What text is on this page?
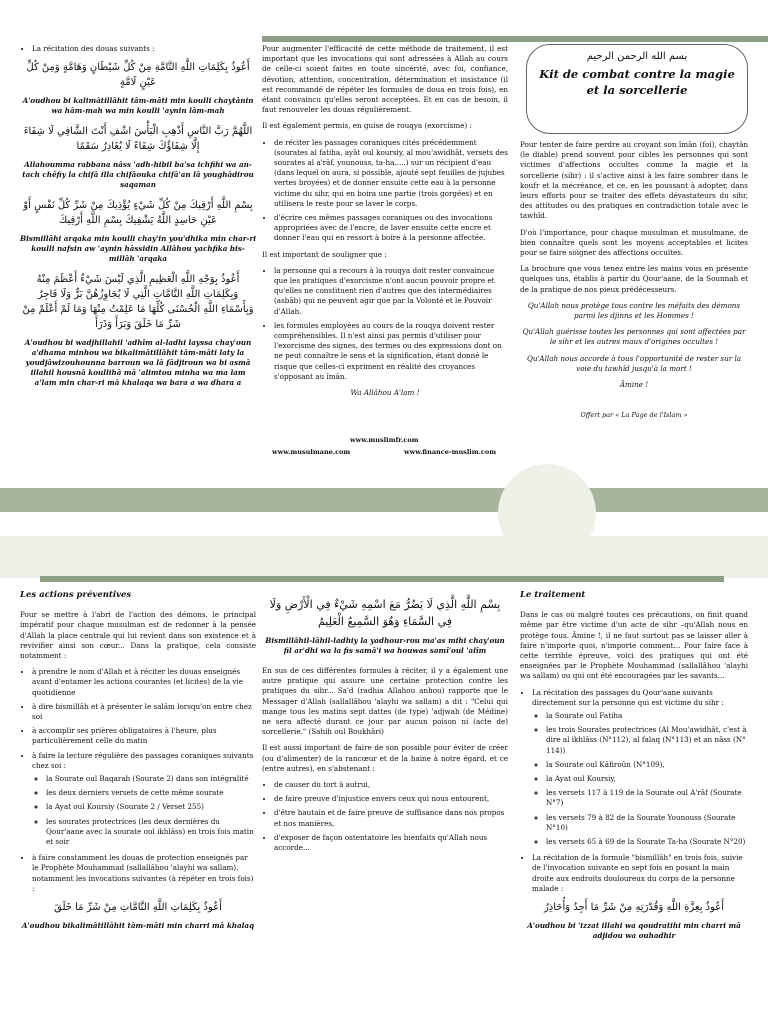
• La récitation des douas suivants :
أَعُوذُ بِكَلِمَاتِ اللَّهِ التَّامَّةِ مِنْ كُلِّ شَيْطَانٍ وَهَامَّةٍ وَمِنْ كُلِّ عَيْنٍ لَامَّةٍ
A'oudhou bi kalimâtillâhit tâm-mâti min koulli chaytânin wa hâm-mah wa min koulli 'aynin lâm-mah
اللَّهُمَّ رَبَّ النَّاسِ أَذْهِبِ الْبَأْسَ اشْفِ أَنْتَ الشَّافِي لَا شِفَاءَ إِلَّا شِفَاؤُكَ شِفَاءً لَا يُغَادِرُ سَقَمًا
Allahoumma rabbana nâss 'adh-hibil ba'sa ichfihi wa an-tach chêfiy la chifâ illa chifâouka chifâ'an lâ youghâdirou saqaman
بِسْمِ اللَّهِ أَرْقِيكَ مِنْ كُلِّ شَيْءٍ يُؤْذِيكَ مِنْ شَرِّ كُلِّ نَفْسٍ أَوْ عَيْنِ حَاسِدٍ اللَّهُ يَشْفِيكَ بِسْمِ اللَّهِ أَرْقِيكَ
Bismillâhi arqaka min koulli chay'in you'dhika min char-ri koulli nafsin aw 'aynin hâssidin Allâhou yachfika bis-millâh 'arqaka
أَعُوذُ بِوَجْهِ اللَّهِ الْعَظِيمِ الَّذِي لَيْسَ شَيْءٌ أَعْظَمَ مِنْهُ وَبِكَلِمَاتِ اللَّهِ التَّامَّاتِ الَّتِي لَا يُجَاوِزُهُنَّ بَرٌّ وَلَا فَاجِرٌ وَبِأَسْمَاءِ اللَّهِ الْحُسْنَى كُلِّهَا مَا عَلِمْتُ مِنْهَا وَمَا لَمْ أَعْلَمْ مِنْ شَرِّ مَا خَلَقَ وَبَرَأَ وَذَرَأَ
A'oudhou bi wadjhillahil 'adhîm al-ladhi layssa chay'oun a'dhama minhou wa bikalimâtillâhit tâm-mâti laty la youdjâwizouhounna barroun wa lâ fâdjiroun wa bi asmâ illahil housnâ koullihâ mâ 'alimtou minha wa ma lam a'lam min char-ri mâ khalaqa wa bara a wa dhara a

Pour augmenter l'efficacité de cette méthode de traitement, il est important que les invocations qui sont adressées à Allah au cours de celle-ci soient faites en toute sincérité, avec foi, confiance, dévotion, attention, concentration, détermination et insistance (il est recommandé de répéter les formules de doua en trois fois), en étant convaincu qu'elles seront acceptées. Et en cas de besoin, il faut renouveler les douas régulièrement.

Il est également permis, en guise de rouqya (exorcisme) :

• de réciter les passages coraniques cités précédemment (sourates al fatiha, ayât oul koursiy, al mou'awidhât, versets des sourates al a'râf, younouss, ta-ha,....) sur un récipient d'eau (dans lequel on aura, si possible, ajouté sept feuilles de jujubes vertes broyées) et de donner ensuite cette eau à la personne victime du sihr, qui en boira une partie (trois gorgées) et en utilisera le reste pour se laver le corps.
• d'écrire ces mêmes passages coraniques ou des invocations appropriées avec de l'encre, de laver ensuite cette encre et donner l'eau qui en ressort à boire à la personne affectée.

Il est important de souligner que :

• la personne qui a recours à la rouqya doit rester convaincue que les pratiques d'exorcisme n'ont aucun pouvoir propre et qu'elles ne constituent rien d'autres que des intermédiaires (asbâb) qui ne peuvent agir que par la Volonté et le Pouvoir d'Allah.
• les formules employées au cours de la rouqya doivent rester compréhensibles. Il n'est ainsi pas permis d'utiliser pour l'exorcisme des signes, des termes ou des expressions dont on ne peut connaître le sens et la signification, étant donné le risque que celles-ci expriment en réalité des croyances s'opposant au îmân.

Wa Allâhou A'lam !

www.muslimfr.com
www.musulmane.com	www.finance-muslim.com
بسم الله الرحمن الرحيم
Kit de combat contre la magie et la sorcellerie

Pour tenter de faire perdre au croyant son îmân (foi), chaytân (le diable) prend souvent pour cibles les personnes qui sont victimes d'affections occultes comme la magie et la sorcellerie (sihr) : il s'active ainsi à les faire sombrer dans le koufr et la mécréance, et ce, en les poussant à adopter, dans leurs efforts pour se traiter des effets dévastateurs du sihr, des attitudes ou des pratiques en contradiction totale avec le tawhîd.

D'où l'importance, pour chaque musulman et musulmane, de bien connaître quels sont les moyens acceptables et licites pour se faire soigner des affections occultes.

La brochure que vous tenez entre les mains vous en présente quelques uns, établis à partir du Qour'aane, de la Sounnah et de la pratique de nos pieux prédécesseurs.

Qu'Allah nous protège tous contre les méfaits des démons parmi les djinns et les Hommes !

Qu'Allah guérisse toutes les personnes qui sont affectées par le sihr et les autres maux d'origines occultes !

Qu'Allah nous accorde à tous l'opportunité de rester sur la voie du tawhîd jusqu'à la mort !

Âmine !

Offert par « La Page de l'Islam »

Les actions préventives

Pour se mettre à l'abri de l'action des démons, le principal impératif pour chaque musulman est de redonner à la pensée d'Allah la place centrale qui lui revient dans son existence et à revivifier ainsi son cœur... Dans la pratique, cela consiste notamment :

• à prendre le nom d'Allah et à réciter les douas enseignés avant d'entamer les actions courantes (et licites) de la vie quotidienne
• à dire bismillâh et à présenter le salâm lorsqu'on entre chez soi
• à accomplir ses prières obligatoires à l'heure, plus particulièrement celle du matin
• à faire la lecture régulière des passages coraniques suivants chez soi :
◦ la Sourate oul Baqarah (Sourate 2) dans son intégralité
◦ les deux derniers versets de cette même sourate
◦ la Ayat oul Koursiy (Sourate 2 / Verset 255)
◦ les sourates protectrices (les deux dernières du Qour'aane avec la sourate oul ikhlâss) en trois fois matin et soir
• à faire constamment les douas de protection enseignés par le Prophète Mouhammad (sallallâhou 'alayhi wa sallam), notamment les invocations suivantes (à répéter en trois fois) :
أَعُوذُ بِكَلِمَاتِ اللَّهِ التَّامَّاتِ مِنْ شَرِّ مَا خَلَقَ
A'oudhou bikalimâtillâhit tâm-mâti min charri mâ khalaq
بِسْمِ اللَّهِ الَّذِي لَا يَضُرُّ مَعَ اسْمِهِ شَيْءٌ فِي الْأَرْضِ وَلَا فِي السَّمَاءِ وَهُوَ السَّمِيعُ الْعَلِيمُ
Bismillâhil-lâhil-ladhiy la yadhour-rou ma'as mihi chay'oun fil ar'dhi wa la fis samâ'i wa houwas samî'oul 'alîm

En sus de ces différentes formules à réciter, il y a également une autre pratique qui assure une certaine protection contre les pratiques du sihr... Sa'd (radhia Allahou anhou) rapporte que le Messager d'Allah (sallallâhou 'alayhi wa sallam) a dit : "Celui qui mange tous les matins sept dattes (de type) 'adjwah (de Médine) ne sera affecté durant ce jour par aucun poison ni (acte de) sorcellerie." (Sahih oul Boukhâri)

Il est aussi important de faire de son possible pour éviter de créer (ou d'alimenter) de la rancœur et de la haine à notre égard, et ce (entre autres), en s'abstenant :

• de causer du tort à autrui,
• de faire preuve d'injustice envers ceux qui nous entourent,
• d'être hautain et de faire preuve de suffisance dans nos propos et nos manières,
• d'exposer de façon ostentatoire les bienfaits qu'Allah nous accorde...
Le traitement

Dans le cas où malgré toutes ces précautions, on finit quand même par être victime d'un acte de sihr –qu'Allah nous en protège tous. Âmine !, il ne faut surtout pas se laisser aller à faire n'importe quoi, n'importe comment... Pour faire face à cette terrible épreuve, voici des pratiques qui ont été enseignées par le Prophète Mouhammad (sallallâhou 'alayhi wa sallam) ou qui ont été encouragées par les savants...

• La récitation des passages du Qour'aane suivants directement sur la personne qui est victime du sihr :
◦ la Sourate oul Fatiha
◦ les trois Sourates protectrices (Al Mou'awidhât, c'est à dire al ikhlâss (N°112), al falaq (N°113) et an nâss (N° 114))
◦ la Sourate oul Kâfiroûn (N°109),
◦ la Ayat oul Koursiy,
◦ les versets 117 à 119 de la Sourate oul A'râf (Sourate N°7)
◦ les versets 79 à 82 de la Sourate Younouss (Sourate N°10)
◦ les versets 65 à 69 de la Sourate Ta-ha (Sourate N°20)
• La récitation de la formule "bismillâh" en trois fois, suivie de l'invocation suivante en sept fois en posant la main droite aux endroits douloureux du corps de la personne malade :
أَعُوذُ بِعِزَّةِ اللَّهِ وَقُدْرَتِهِ مِنْ شَرِّ مَا أَجِدُ وَأُحَاذِرُ
A'oudhou bi 'izzat illahi wa qoudratihi min charri mâ adjidou wa ouhadhir
